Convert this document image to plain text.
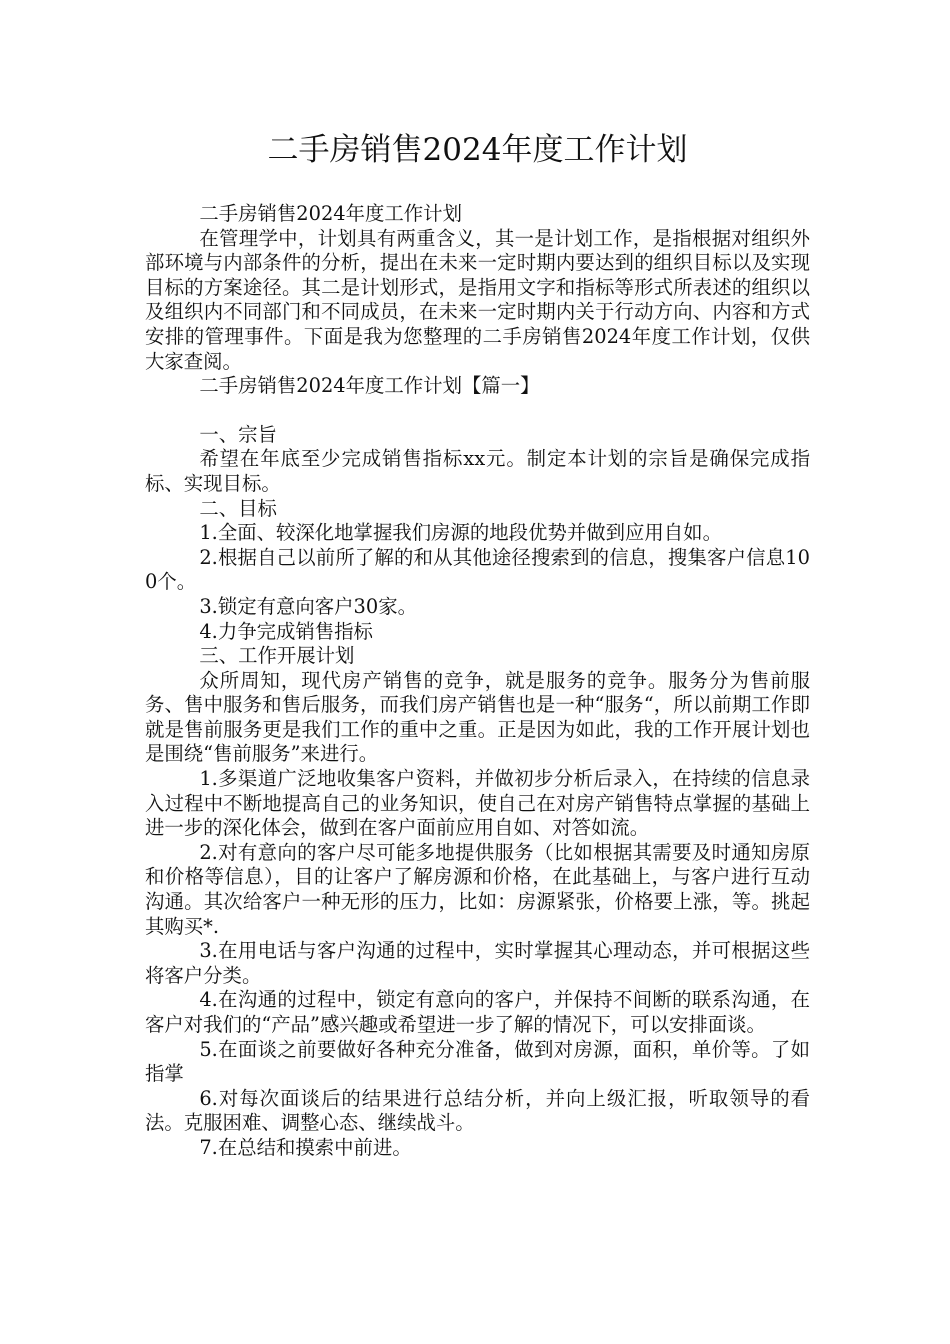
二手房销售2024年度工作计划

二手房销售2024年度工作计划

在管理学中，计划具有两重含义，其一是计划工作，是指根据对组织外部环境与内部条件的分析，提出在未来一定时期内要达到的组织目标以及实现目标的方案途径。其二是计划形式，是指用文字和指标等形式所表述的组织以及组织内不同部门和不同成员，在未来一定时期内关于行动方向、内容和方式安排的管理事件。下面是我为您整理的二手房销售2024年度工作计划，仅供大家查阅。

二手房销售2024年度工作计划【篇一】

一、宗旨

希望在年底至少完成销售指标xx元。制定本计划的宗旨是确保完成指标、实现目标。

二、目标

1.全面、较深化地掌握我们房源的地段优势并做到应用自如。

2.根据自己以前所了解的和从其他途径搜索到的信息，搜集客户信息100个。

3.锁定有意向客户30家。

4.力争完成销售指标

三、工作开展计划

众所周知，现代房产销售的竞争，就是服务的竞争。服务分为售前服务、售中服务和售后服务，而我们房产销售也是一种“服务“，所以前期工作即就是售前服务更是我们工作的重中之重。正是因为如此，我的工作开展计划也是围绕“售前服务”来进行。

1.多渠道广泛地收集客户资料，并做初步分析后录入，在持续的信息录入过程中不断地提高自己的业务知识，使自己在对房产销售特点掌握的基础上进一步的深化体会，做到在客户面前应用自如、对答如流。

2.对有意向的客户尽可能多地提供服务（比如根据其需要及时通知房原和价格等信息），目的让客户了解房源和价格，在此基础上，与客户进行互动沟通。其次给客户一种无形的压力，比如：房源紧张，价格要上涨，等。挑起其购买*.

3.在用电话与客户沟通的过程中，实时掌握其心理动态，并可根据这些将客户分类。

4.在沟通的过程中，锁定有意向的客户，并保持不间断的联系沟通，在客户对我们的“产品”感兴趣或希望进一步了解的情况下，可以安排面谈。

5.在面谈之前要做好各种充分准备，做到对房源，面积，单价等。了如指掌

6.对每次面谈后的结果进行总结分析，并向上级汇报，听取领导的看法。克服困难、调整心态、继续战斗。

7.在总结和摸索中前进。
